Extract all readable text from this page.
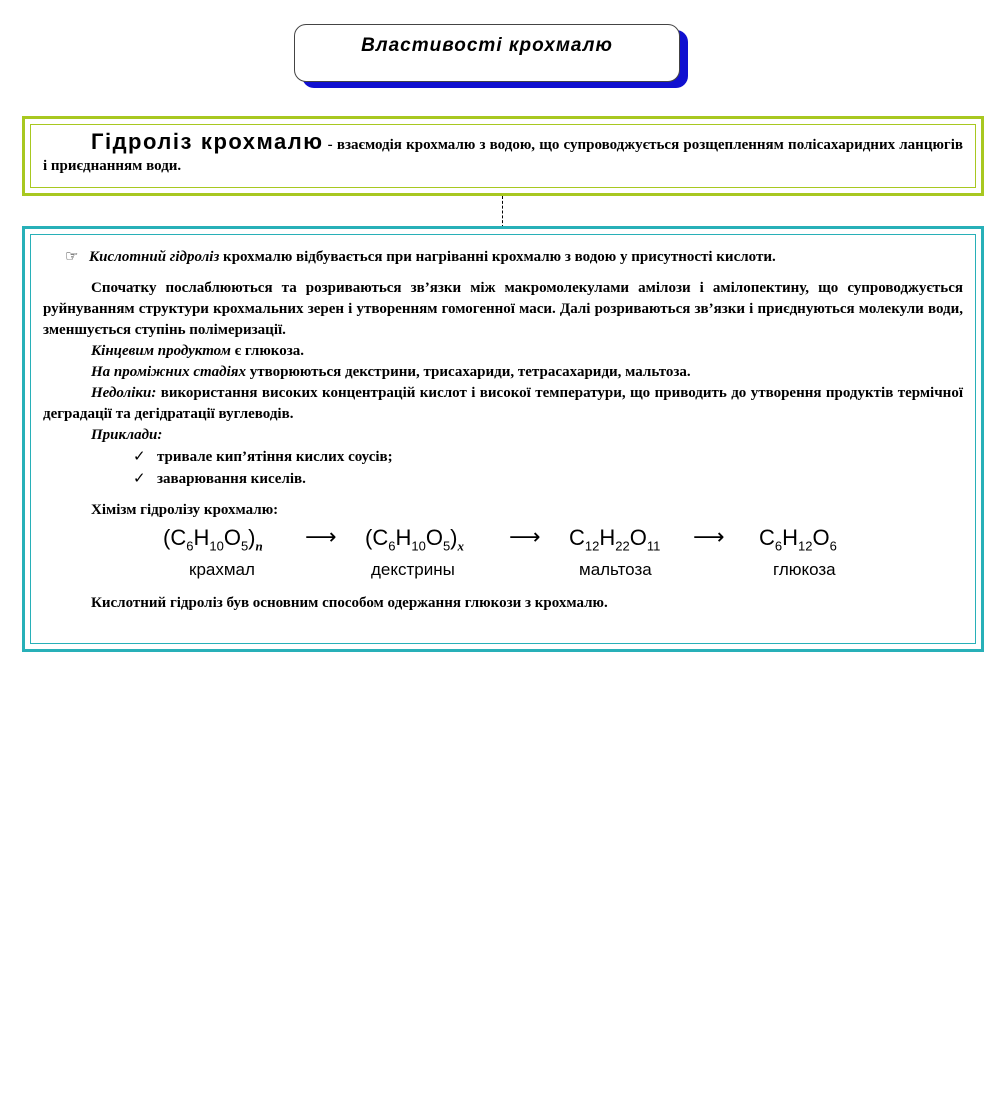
Властивості крохмалю
Гідроліз крохмалю - взаємодія крохмалю з водою, що супроводжується розщепленням полісахаридних ланцюгів і приєднанням води.

☞ Кислотний гідроліз крохмалю відбувається при нагріванні крохмалю з водою у присутності кислоти.

Спочатку послаблюються та розриваються зв’язки між макромолекулами амілози і амілопектину, що супроводжується руйнуванням структури крохмальних зерен і утворенням гомогенної маси. Далі розриваються зв’язки і приєднуються молекули води, зменшується ступінь полімеризації.

Кінцевим продуктом є глюкоза.

На проміжних стадіях утворюються декстрини, трисахариди, тетрасахариди, мальтоза.

Недоліки: використання високих концентрацій кислот і високої температури, що приводить до утворення продуктів термічної деградації та дегідратації вуглеводів.

Приклади:

✓ тривале кип’ятіння кислих соусів;
✓ заварювання киселів.

Хімізм гідролізу крохмалю:

$(C_6H_{10}O_5)_n$ ⟶ $(C_6H_{10}O_5)_x$ ⟶ $C_{12}H_{22}O_{11}$ ⟶ $C_6H_{12}O_6$
крахмал	декстрины	мальтоза	глюкоза

Кислотний гідроліз був основним способом одержання глюкози з крохмалю.
